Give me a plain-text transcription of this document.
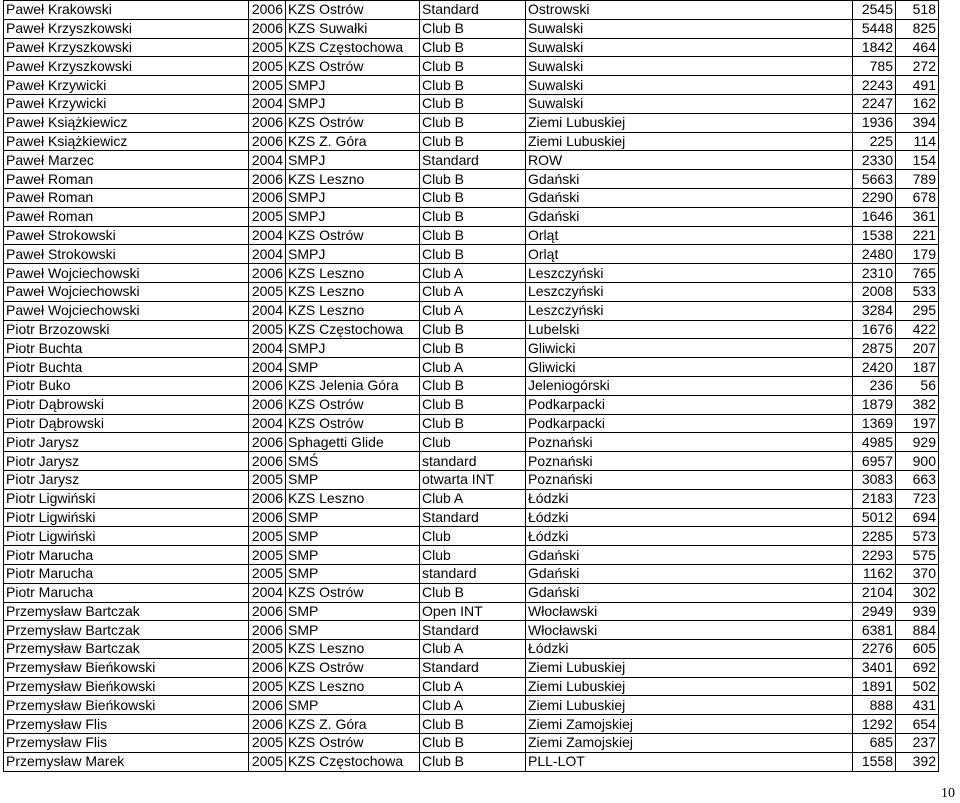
Paweł Krakowski	2006	KZS Ostrów	Standard	Ostrowski	2545	518
Paweł Krzyszkowski	2006	KZS Suwałki	Club B	Suwalski	5448	825
Paweł Krzyszkowski	2005	KZS Częstochowa	Club B	Suwalski	1842	464
Paweł Krzyszkowski	2005	KZS Ostrów	Club B	Suwalski	785	272
Paweł Krzywicki	2005	SMPJ	Club B	Suwalski	2243	491
Paweł Krzywicki	2004	SMPJ	Club B	Suwalski	2247	162
Paweł Książkiewicz	2006	KZS Ostrów	Club B	Ziemi Lubuskiej	1936	394
Paweł Książkiewicz	2006	KZS Z. Góra	Club B	Ziemi Lubuskiej	225	114
Paweł Marzec	2004	SMPJ	Standard	ROW	2330	154
Paweł Roman	2006	KZS Leszno	Club B	Gdański	5663	789
Paweł Roman	2006	SMPJ	Club B	Gdański	2290	678
Paweł Roman	2005	SMPJ	Club B	Gdański	1646	361
Paweł Strokowski	2004	KZS Ostrów	Club B	Orląt	1538	221
Paweł Strokowski	2004	SMPJ	Club B	Orląt	2480	179
Paweł Wojciechowski	2006	KZS Leszno	Club A	Leszczyński	2310	765
Paweł Wojciechowski	2005	KZS Leszno	Club A	Leszczyński	2008	533
Paweł Wojciechowski	2004	KZS Leszno	Club A	Leszczyński	3284	295
Piotr Brzozowski	2005	KZS Częstochowa	Club B	Lubelski	1676	422
Piotr Buchta	2004	SMPJ	Club B	Gliwicki	2875	207
Piotr Buchta	2004	SMP	Club A	Gliwicki	2420	187
Piotr Buko	2006	KZS Jelenia Góra	Club B	Jeleniogórski	236	56
Piotr Dąbrowski	2006	KZS Ostrów	Club B	Podkarpacki	1879	382
Piotr Dąbrowski	2004	KZS Ostrów	Club B	Podkarpacki	1369	197
Piotr Jarysz	2006	Sphagetti Glide	Club	Poznański	4985	929
Piotr Jarysz	2006	SMŚ	standard	Poznański	6957	900
Piotr Jarysz	2005	SMP	otwarta INT	Poznański	3083	663
Piotr Ligwiński	2006	KZS Leszno	Club A	Łódzki	2183	723
Piotr Ligwiński	2006	SMP	Standard	Łódzki	5012	694
Piotr Ligwiński	2005	SMP	Club	Łódzki	2285	573
Piotr Marucha	2005	SMP	Club	Gdański	2293	575
Piotr Marucha	2005	SMP	standard	Gdański	1162	370
Piotr Marucha	2004	KZS Ostrów	Club B	Gdański	2104	302
Przemysław Bartczak	2006	SMP	Open INT	Włocławski	2949	939
Przemysław Bartczak	2006	SMP	Standard	Włocławski	6381	884
Przemysław Bartczak	2005	KZS Leszno	Club A	Łódzki	2276	605
Przemysław Bieńkowski	2006	KZS Ostrów	Standard	Ziemi Lubuskiej	3401	692
Przemysław Bieńkowski	2005	KZS Leszno	Club A	Ziemi Lubuskiej	1891	502
Przemysław Bieńkowski	2006	SMP	Club A	Ziemi Lubuskiej	888	431
Przemysław Flis	2006	KZS Z. Góra	Club B	Ziemi Zamojskiej	1292	654
Przemysław Flis	2005	KZS Ostrów	Club B	Ziemi Zamojskiej	685	237
Przemysław Marek	2005	KZS Częstochowa	Club B	PLL-LOT	1558	392
10
